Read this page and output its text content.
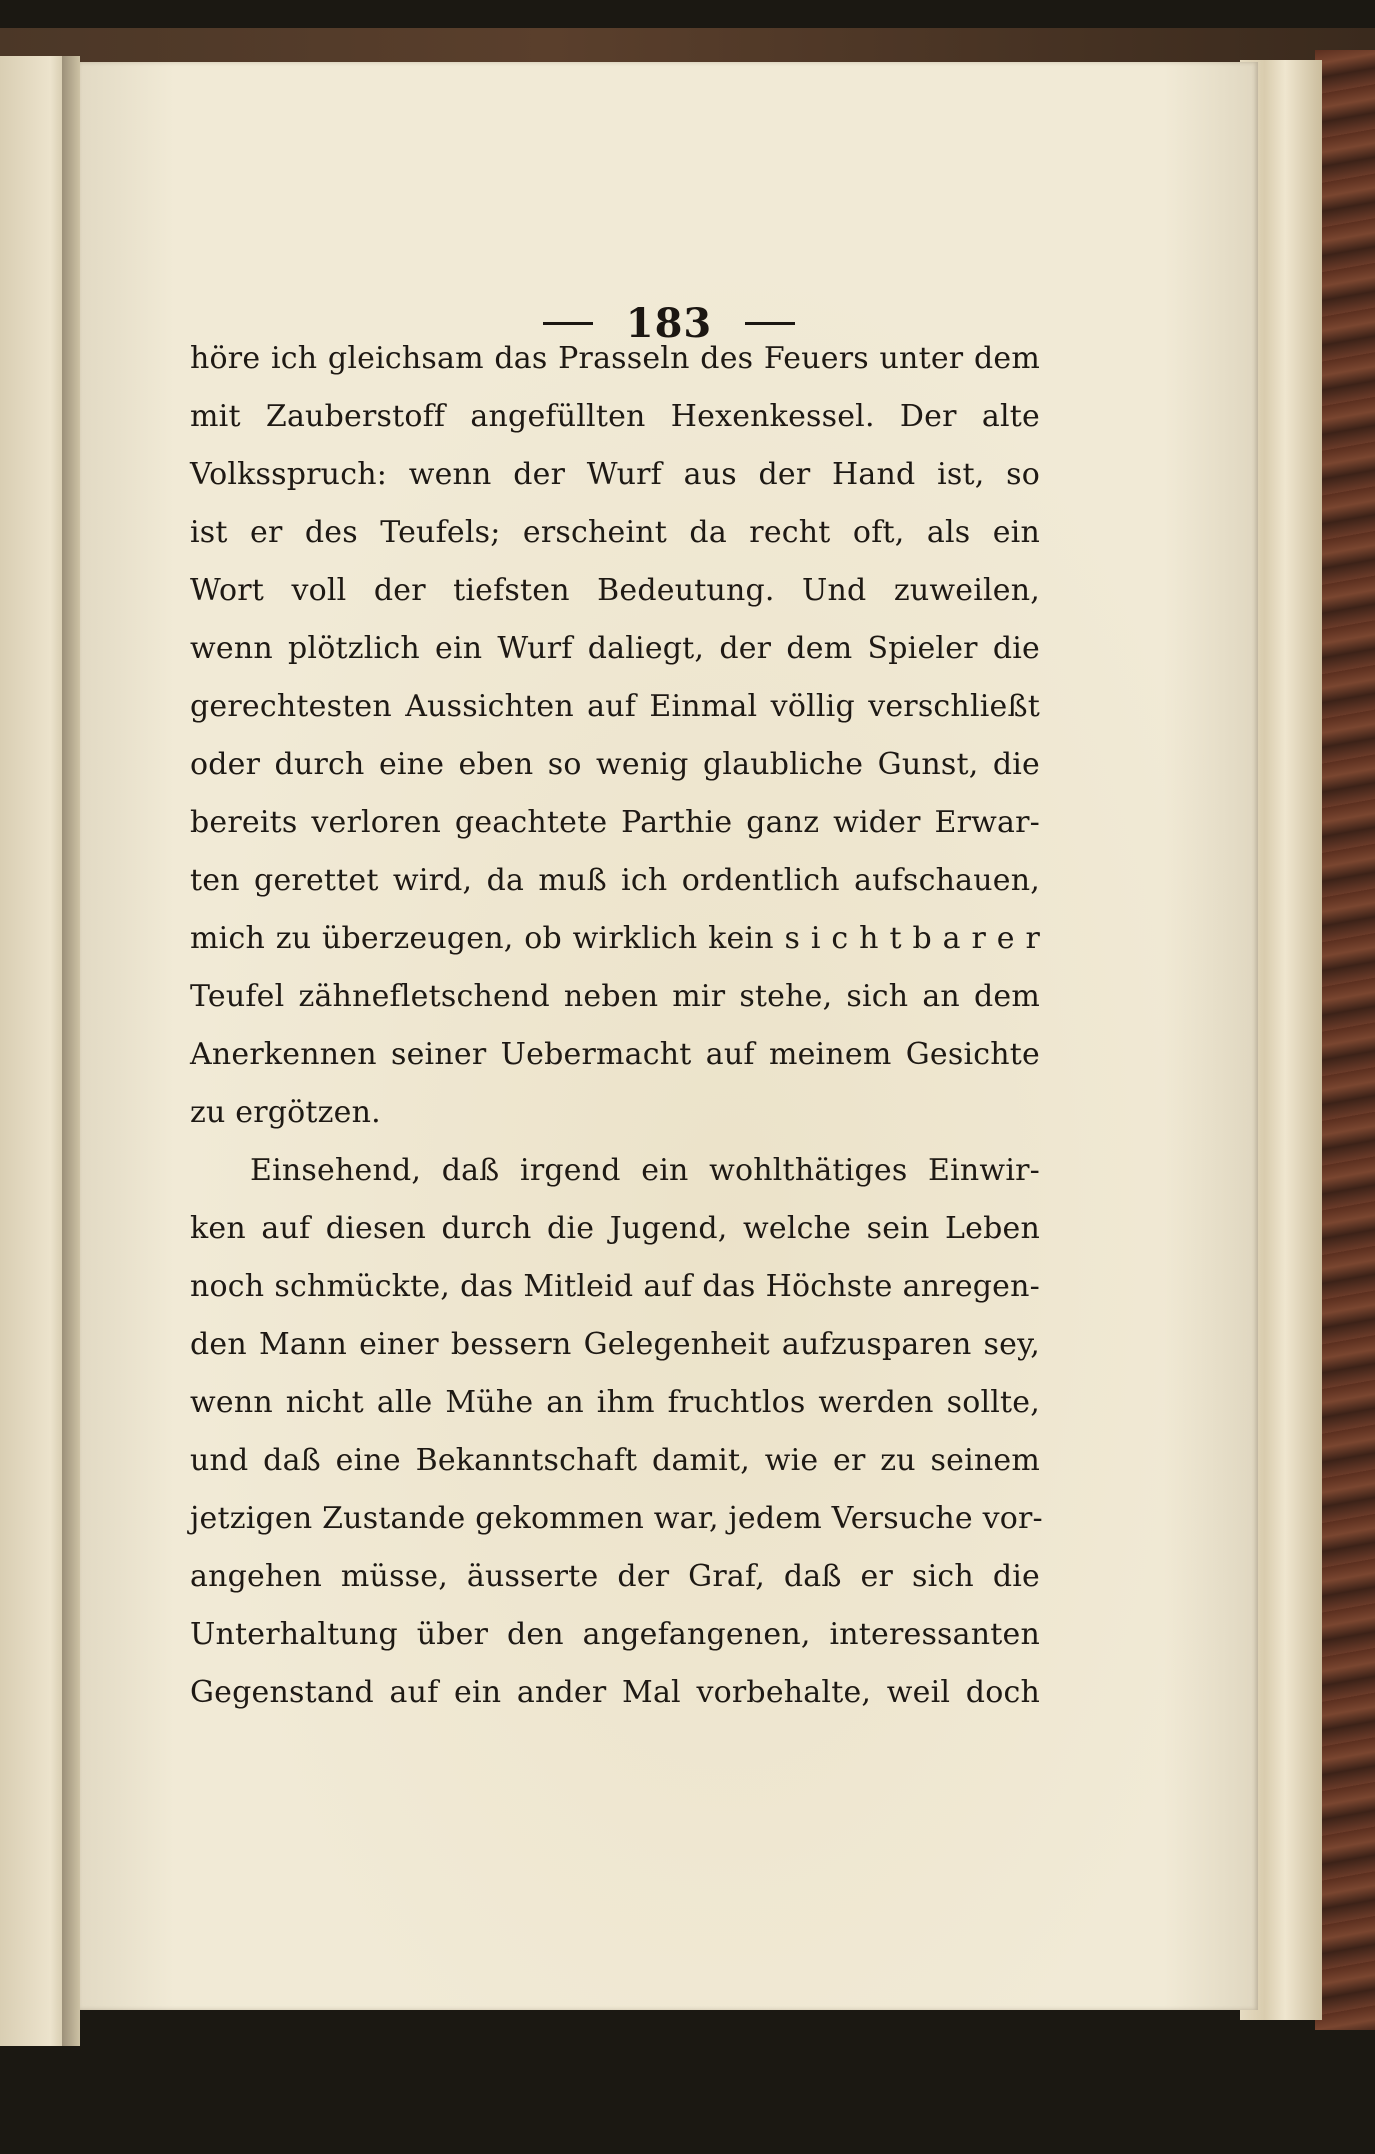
183
höre ich gleichsam das Prasseln des Feuers unter dem
mit Zauberstoff angefüllten Hexenkessel. Der alte
Volksspruch: wenn der Wurf aus der Hand ist, so
ist er des Teufels; erscheint da recht oft, als ein
Wort voll der tiefsten Bedeutung. Und zuweilen,
wenn plötzlich ein Wurf daliegt, der dem Spieler die
gerechtesten Aussichten auf Einmal völlig verschließt
oder durch eine eben so wenig glaubliche Gunst, die
bereits verloren geachtete Parthie ganz wider Erwar-
ten gerettet wird, da muß ich ordentlich aufschauen,
mich zu überzeugen, ob wirklich kein s i c h t b a r e r
Teufel zähnefletschend neben mir stehe, sich an dem
Anerkennen seiner Uebermacht auf meinem Gesichte
zu ergötzen.
Einsehend, daß irgend ein wohlthätiges Einwir-
ken auf diesen durch die Jugend, welche sein Leben
noch schmückte, das Mitleid auf das Höchste anregen-
den Mann einer bessern Gelegenheit aufzusparen sey,
wenn nicht alle Mühe an ihm fruchtlos werden sollte,
und daß eine Bekanntschaft damit, wie er zu seinem
jetzigen Zustande gekommen war, jedem Versuche vor-
angehen müsse, äusserte der Graf, daß er sich die
Unterhaltung über den angefangenen, interessanten
Gegenstand auf ein ander Mal vorbehalte, weil doch
